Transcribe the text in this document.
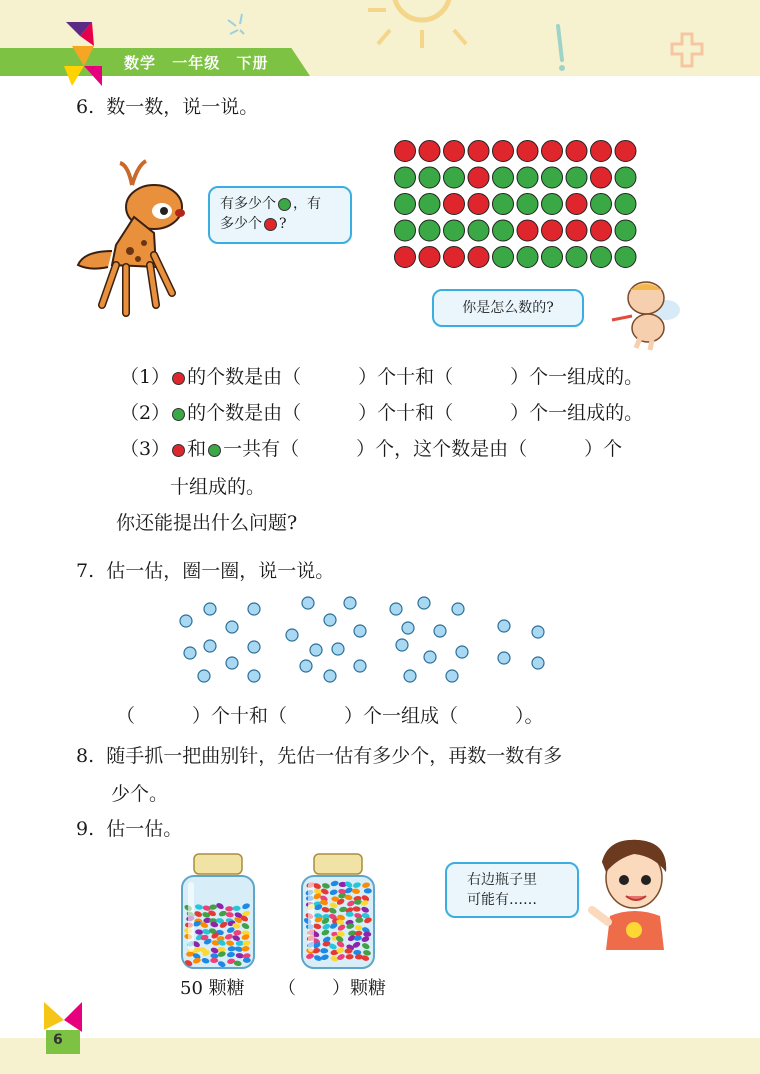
数学 一年级 下册
6. 数一数，说一说。
有多少个 ，有
多少个 ?
你是怎么数的?
（1） 的个数是由（　　　）个十和（　　　）个一组成的。
（2） 的个数是由（　　　）个十和（　　　）个一组成的。
（3） 和 一共有（　　　）个，这个数是由（　　　）个
十组成的。
你还能提出什么问题?
7. 估一估，圈一圈，说一说。
（　　　）个十和（　　　）个一组成（　　　）。
8. 随手抓一把曲别针，先估一估有多少个，再数一数有多
少个。
9. 估一估。
50 颗糖 （　　）颗糖
右边瓶子里
可能有……
6
